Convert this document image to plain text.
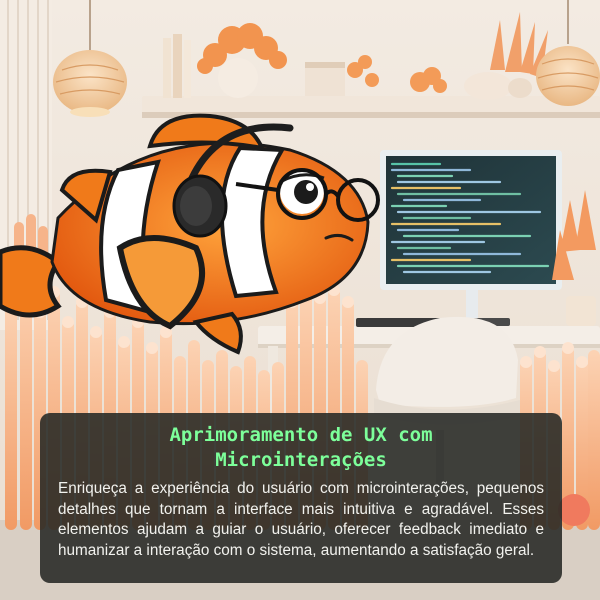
Aprimoramento de UX com
Microinterações

Enriqueça a experiência do usuário com microinterações, pequenos detalhes que tornam a interface mais intuitiva e agradável. Esses elementos ajudam a guiar o usuário, oferecer feedback imediato e humanizar a interação com o sistema, aumentando a satisfação geral.
